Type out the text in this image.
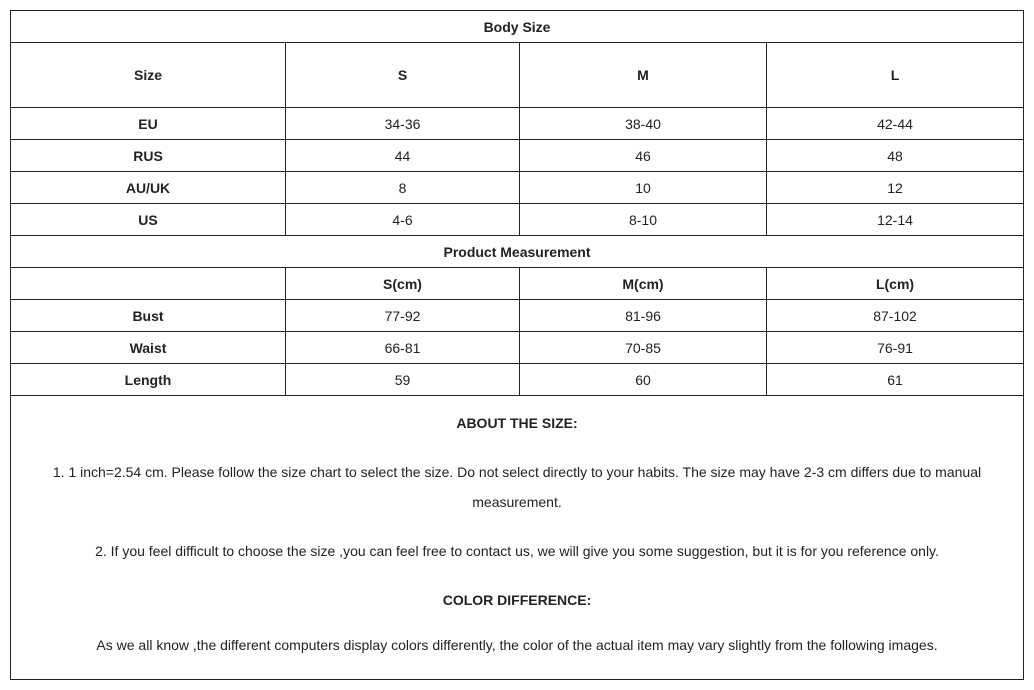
Body Size			
Size	S	M	L
EU	34-36	38-40	42-44
RUS	44	46	48
AU/UK	8	10	12
US	4-6	8-10	12-14
Product Measurement			
	S(cm)	M(cm)	L(cm)
Bust	77-92	81-96	87-102
Waist	66-81	70-85	76-91
Length	59	60	61
ABOUT THE SIZE:
1. 1 inch=2.54 cm. Please follow the size chart to select the size. Do not select directly to your habits. The size may have 2-3 cm differs due to manual measurement.
2. If you feel difficult to choose the size ,you can feel free to contact us, we will give you some suggestion, but it is for you reference only.
COLOR DIFFERENCE:
As we all know ,the different computers display colors differently, the color of the actual item may vary slightly from the following images.
